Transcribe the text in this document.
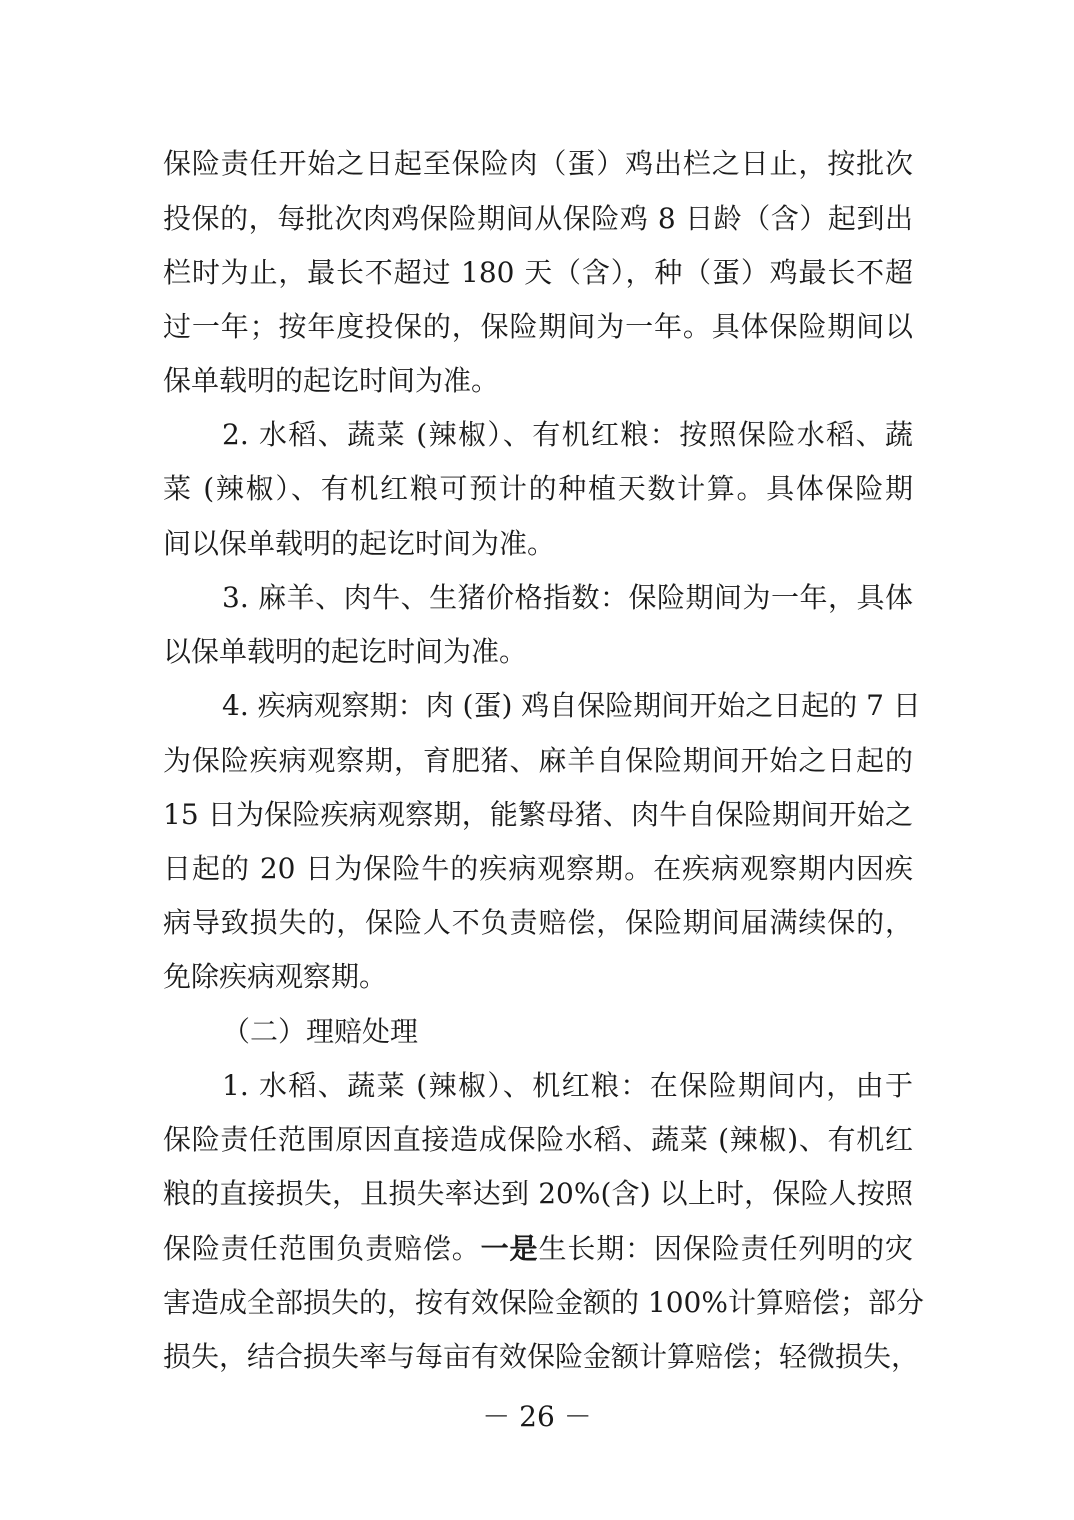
保险责任开始之日起至保险肉（蛋）鸡出栏之日止，按批次
投保的，每批次肉鸡保险期间从保险鸡 8 日龄（含）起到出
栏时为止，最长不超过 180 天（含），种（蛋）鸡最长不超
过一年；按年度投保的，保险期间为一年。具体保险期间以
保单载明的起讫时间为准。
2. 水稻、蔬菜 (辣椒）、有机红粮：按照保险水稻、蔬
菜 (辣椒）、有机红粮可预计的种植天数计算。具体保险期
间以保单载明的起讫时间为准。
3. 麻羊、肉牛、生猪价格指数：保险期间为一年，具体
以保单载明的起讫时间为准。
4. 疾病观察期：肉 (蛋) 鸡自保险期间开始之日起的 7 日
为保险疾病观察期，育肥猪、麻羊自保险期间开始之日起的
15 日为保险疾病观察期，能繁母猪、肉牛自保险期间开始之
日起的 20 日为保险牛的疾病观察期。在疾病观察期内因疾
病导致损失的，保险人不负责赔偿，保险期间届满续保的，
免除疾病观察期。
（二）理赔处理
1. 水稻、蔬菜 (辣椒）、机红粮：在保险期间内，由于
保险责任范围原因直接造成保险水稻、蔬菜 (辣椒)、有机红
粮的直接损失，且损失率达到 20%(含) 以上时，保险人按照
保险责任范围负责赔偿。一是生长期：因保险责任列明的灾
害造成全部损失的，按有效保险金额的 100%计算赔偿；部分
损失，结合损失率与每亩有效保险金额计算赔偿；轻微损失，
－ 26 －
